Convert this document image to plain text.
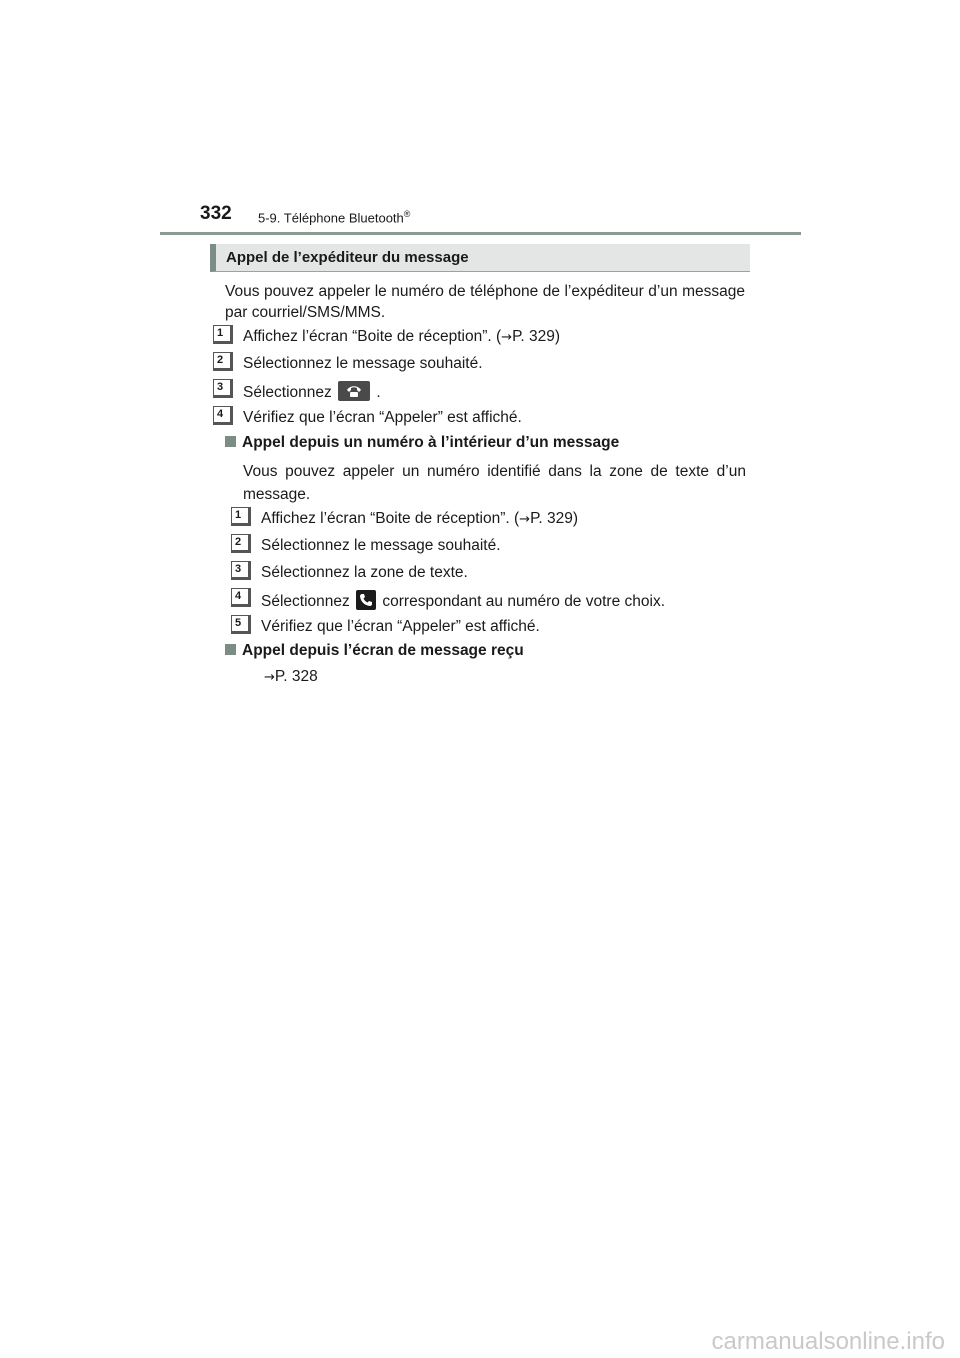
332 5-9. Téléphone Bluetooth®
Appel de l’expéditeur du message
Vous pouvez appeler le numéro de téléphone de l’expéditeur d’un message par courriel/SMS/MMS.
1	Affichez l’écran “Boite de réception”. (→P. 329)
2	Sélectionnez le message souhaité.
3	Sélectionnez	.
4	Vérifiez que l’écran “Appeler” est affiché.
Appel depuis un numéro à l’intérieur d’un message
Vous pouvez appeler un numéro identifié dans la zone de texte d’un message.
1	Affichez l’écran “Boite de réception”. (→P. 329)
2	Sélectionnez le message souhaité.
3	Sélectionnez la zone de texte.
4	Sélectionnez
correspondant au numéro de votre choix.
5	Vérifiez que l’écran “Appeler” est affiché.
Appel depuis l’écran de message reçu
→P. 328
carmanualsonline.info
